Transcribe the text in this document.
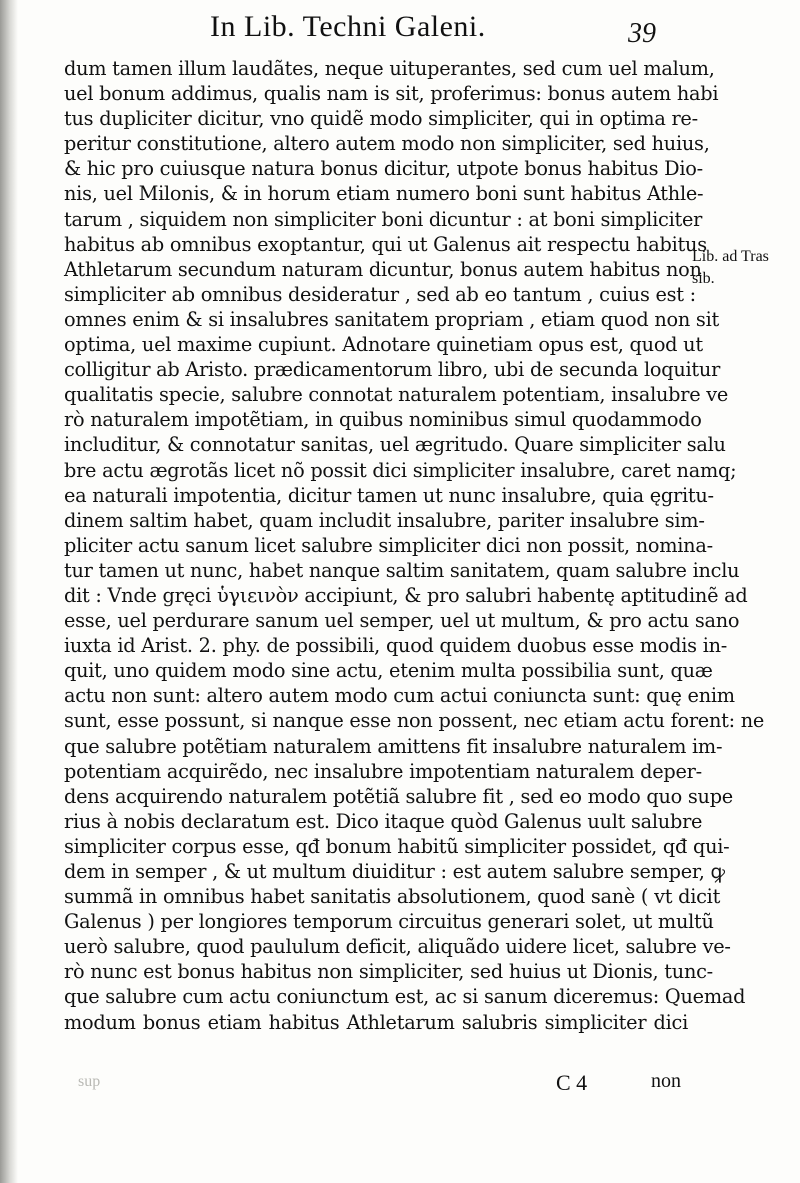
In Lib. Techni Galeni.	39
dum tamen illum laudãtes, neque uituperantes, sed cum uel malum,
uel bonum addimus, qualis nam is sit, proferimus: bonus autem habi
tus dupliciter dicitur, vno quidẽ modo simpliciter, qui in optima re-
peritur constitutione, altero autem modo non simpliciter, sed huius,
& hic pro cuiusque natura bonus dicitur, utpote bonus habitus Dio-
nis, uel Milonis, & in horum etiam numero boni sunt habitus Athle-
tarum , siquidem non simpliciter boni dicuntur : at boni simpliciter
habitus ab omnibus exoptantur, qui ut Galenus ait respectu habitus
Athletarum secundum naturam dicuntur, bonus autem habitus non
simpliciter ab omnibus desideratur , sed ab eo tantum , cuius est :
omnes enim & si insalubres sanitatem propriam , etiam quod non sit
optima, uel maxime cupiunt. Adnotare quinetiam opus est, quod ut
colligitur ab Aristo. prædicamentorum libro, ubi de secunda loquitur
qualitatis specie, salubre connotat naturalem potentiam, insalubre ve
rò naturalem impotẽtiam, in quibus nominibus simul quodammodo
includitur, & connotatur sanitas, uel ægritudo. Quare simpliciter salu
bre actu ægrotãs licet nõ possit dici simpliciter insalubre, caret namq;
ea naturali impotentia, dicitur tamen ut nunc insalubre, quia ęgritu-
dinem saltim habet, quam includit insalubre, pariter insalubre sim-
pliciter actu sanum licet salubre simpliciter dici non possit, nomina-
tur tamen ut nunc, habet nanque saltim sanitatem, quam salubre inclu
dit : Vnde gręci ὑγιεινὸν accipiunt, & pro salubri habentę aptitudinẽ ad
esse, uel perdurare sanum uel semper, uel ut multum, & pro actu sano
iuxta id Arist. 2. phy. de possibili, quod quidem duobus esse modis in-
quit, uno quidem modo sine actu, etenim multa possibilia sunt, quæ
actu non sunt: altero autem modo cum actui coniuncta sunt: quę enim
sunt, esse possunt, si nanque esse non possent, nec etiam actu forent: ne
que salubre potẽtiam naturalem amittens fit insalubre naturalem im-
potentiam acquirẽdo, nec insalubre impotentiam naturalem deper-
dens acquirendo naturalem potẽtiã salubre fit , sed eo modo quo supe
rius à nobis declaratum est. Dico itaque quòd Galenus uult salubre
simpliciter corpus esse, qđ bonum habitũ simpliciter possidet, qđ qui-
dem in semper , & ut multum diuiditur : est autem salubre semper, ꝙ
summã in omnibus habet sanitatis absolutionem, quod sanè ( vt dicit
Galenus ) per longiores temporum circuitus generari solet, ut multũ
uerò salubre, quod paululum deficit, aliquãdo uidere licet, salubre ve-
rò nunc est bonus habitus non simpliciter, sed huius ut Dionis, tunc-
que salubre cum actu coniunctum est, ac si sanum diceremus: Quemad
modum bonus etiam habitus Athletarum salubris simpliciter dici
Lib. ad Tras
sib.
sup	C 4	non
